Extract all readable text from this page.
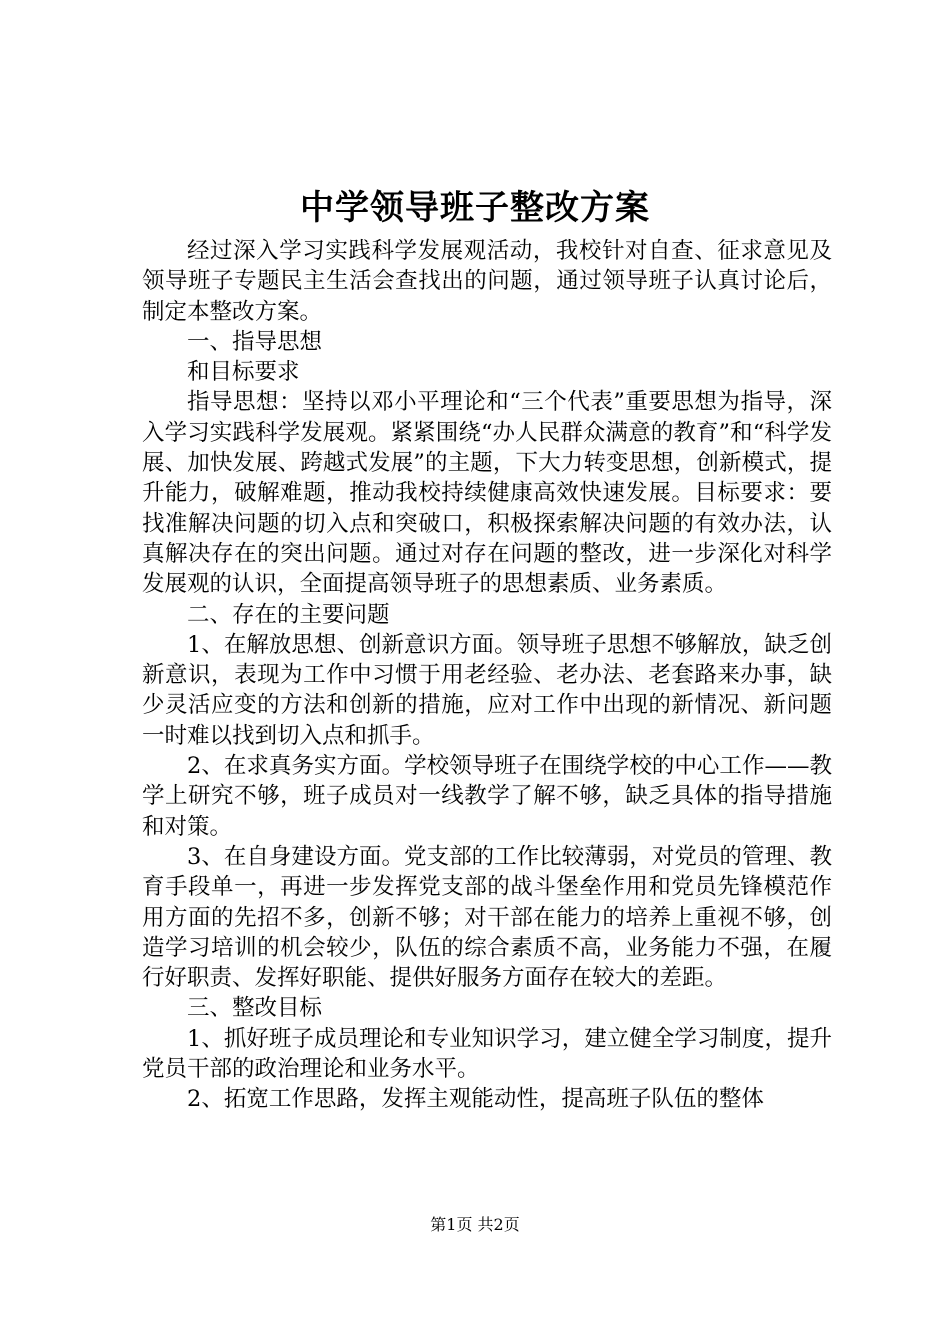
中学领导班子整改方案

经过深入学习实践科学发展观活动，我校针对自查、征求意见及领导班子专题民主生活会查找出的问题，通过领导班子认真讨论后，制定本整改方案。

一、指导思想

和目标要求

指导思想：坚持以邓小平理论和“三个代表”重要思想为指导，深入学习实践科学发展观。紧紧围绕“办人民群众满意的教育”和“科学发展、加快发展、跨越式发展”的主题，下大力转变思想，创新模式，提升能力，破解难题，推动我校持续健康高效快速发展。目标要求：要找准解决问题的切入点和突破口，积极探索解决问题的有效办法，认真解决存在的突出问题。通过对存在问题的整改，进一步深化对科学发展观的认识，全面提高领导班子的思想素质、业务素质。

二、存在的主要问题

1、在解放思想、创新意识方面。领导班子思想不够解放，缺乏创新意识，表现为工作中习惯于用老经验、老办法、老套路来办事，缺少灵活应变的方法和创新的措施，应对工作中出现的新情况、新问题一时难以找到切入点和抓手。

2、在求真务实方面。学校领导班子在围绕学校的中心工作——教学上研究不够，班子成员对一线教学了解不够，缺乏具体的指导措施和对策。

3、在自身建设方面。党支部的工作比较薄弱，对党员的管理、教育手段单一，再进一步发挥党支部的战斗堡垒作用和党员先锋模范作用方面的先招不多，创新不够；对干部在能力的培养上重视不够，创造学习培训的机会较少，队伍的综合素质不高，业务能力不强，在履行好职责、发挥好职能、提供好服务方面存在较大的差距。

三、整改目标

1、抓好班子成员理论和专业知识学习，建立健全学习制度，提升党员干部的政治理论和业务水平。

2、拓宽工作思路，发挥主观能动性，提高班子队伍的整体

第1页 共2页
